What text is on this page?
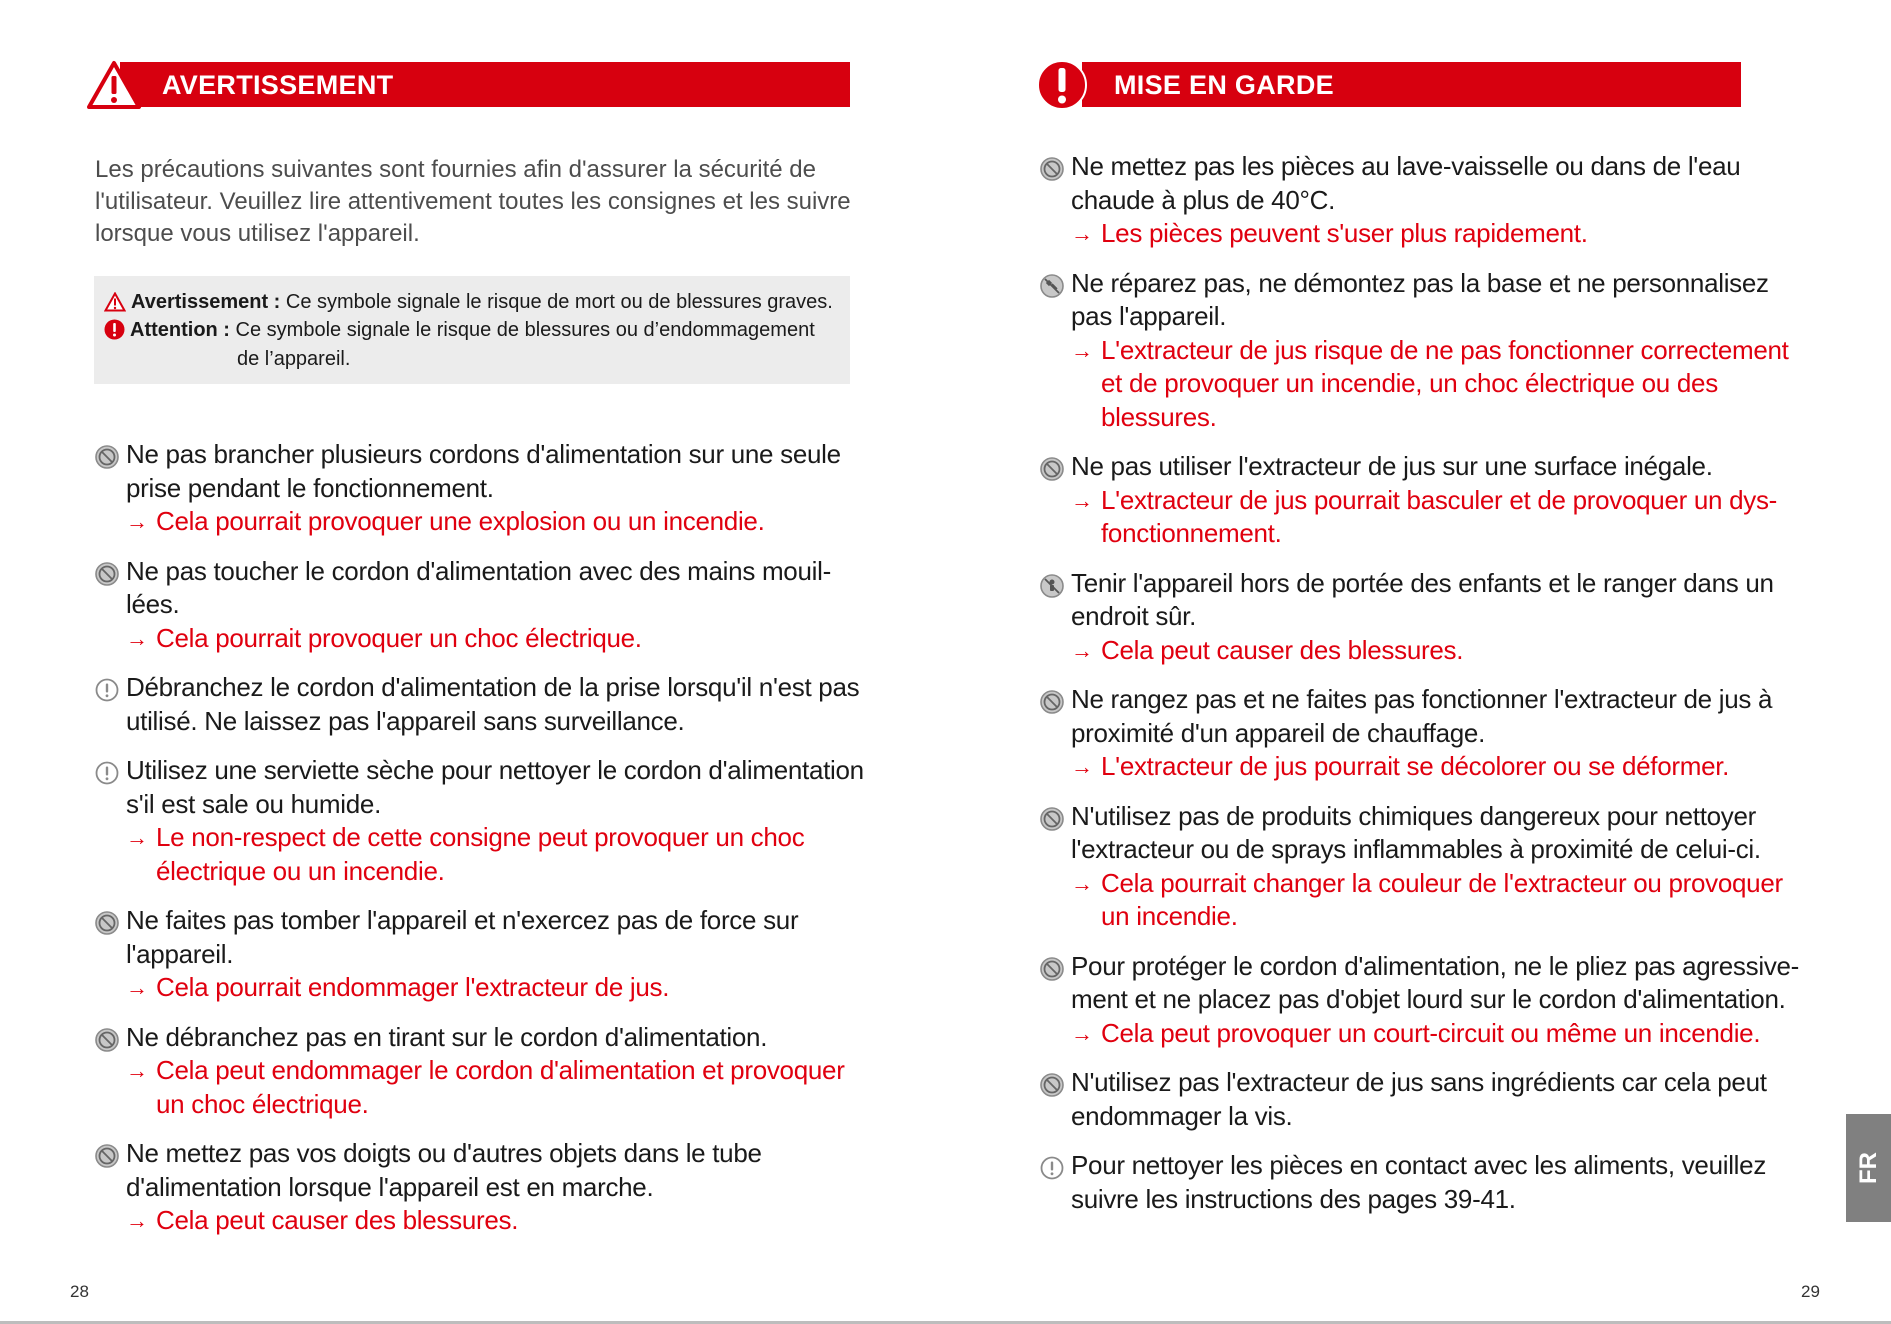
AVERTISSEMENT
Les précautions suivantes sont fournies afin d'assurer la sécurité de l'utilisateur. Veuillez lire attentivement toutes les consignes et les suivre lorsque vous utilisez l'appareil.
Avertissement : Ce symbole signale le risque de mort ou de blessures graves.
Attention : Ce symbole signale le risque de blessures ou d’endommagement
de l’appareil.
Ne pas brancher plusieurs cordons d'alimentation sur une seule prise pendant le fonctionnement.
→ Cela pourrait provoquer une explosion ou un incendie.
Ne pas toucher le cordon d'alimentation avec des mains mouil-lées.
→ Cela pourrait provoquer un choc électrique.
Débranchez le cordon d'alimentation de la prise lorsqu'il n'est pas utilisé. Ne laissez pas l'appareil sans surveillance.
Utilisez une serviette sèche pour nettoyer le cordon d'alimentation s'il est sale ou humide.
→ Le non-respect de cette consigne peut provoquer un choc électrique ou un incendie.
Ne faites pas tomber l'appareil et n'exercez pas de force sur l'appareil.
→ Cela pourrait endommager l'extracteur de jus.
Ne débranchez pas en tirant sur le cordon d'alimentation.
→ Cela peut endommager le cordon d'alimentation et provoquer un choc électrique.
Ne mettez pas vos doigts ou d'autres objets dans le tube d'alimentation lorsque l'appareil est en marche.
→ Cela peut causer des blessures.
28
MISE EN GARDE
Ne mettez pas les pièces au lave-vaisselle ou dans de l'eau chaude à plus de 40°C.
→ Les pièces peuvent s'user plus rapidement.
Ne réparez pas, ne démontez pas la base et ne personnalisez pas l'appareil.
→ L'extracteur de jus risque de ne pas fonctionner correctement et de provoquer un incendie, un choc électrique ou des blessures.
Ne pas utiliser l'extracteur de jus sur une surface inégale.
→ L'extracteur de jus pourrait basculer et de provoquer un dys-fonctionnement.
Tenir l'appareil hors de portée des enfants et le ranger dans un endroit sûr.
→ Cela peut causer des blessures.
Ne rangez pas et ne faites pas fonctionner l'extracteur de jus à proximité d'un appareil de chauffage.
→ L'extracteur de jus pourrait se décolorer ou se déformer.
N'utilisez pas de produits chimiques dangereux pour nettoyer l'extracteur ou de sprays inflammables à proximité de celui-ci.
→ Cela pourrait changer la couleur de l'extracteur ou provoquer un incendie.
Pour protéger le cordon d'alimentation, ne le pliez pas agressive-ment et ne placez pas d'objet lourd sur le cordon d'alimentation.
→ Cela peut provoquer un court-circuit ou même un incendie.
N'utilisez pas l'extracteur de jus sans ingrédients car cela peut endommager la vis.
Pour nettoyer les pièces en contact avec les aliments, veuillez suivre les instructions des pages 39-41.
29
FR
